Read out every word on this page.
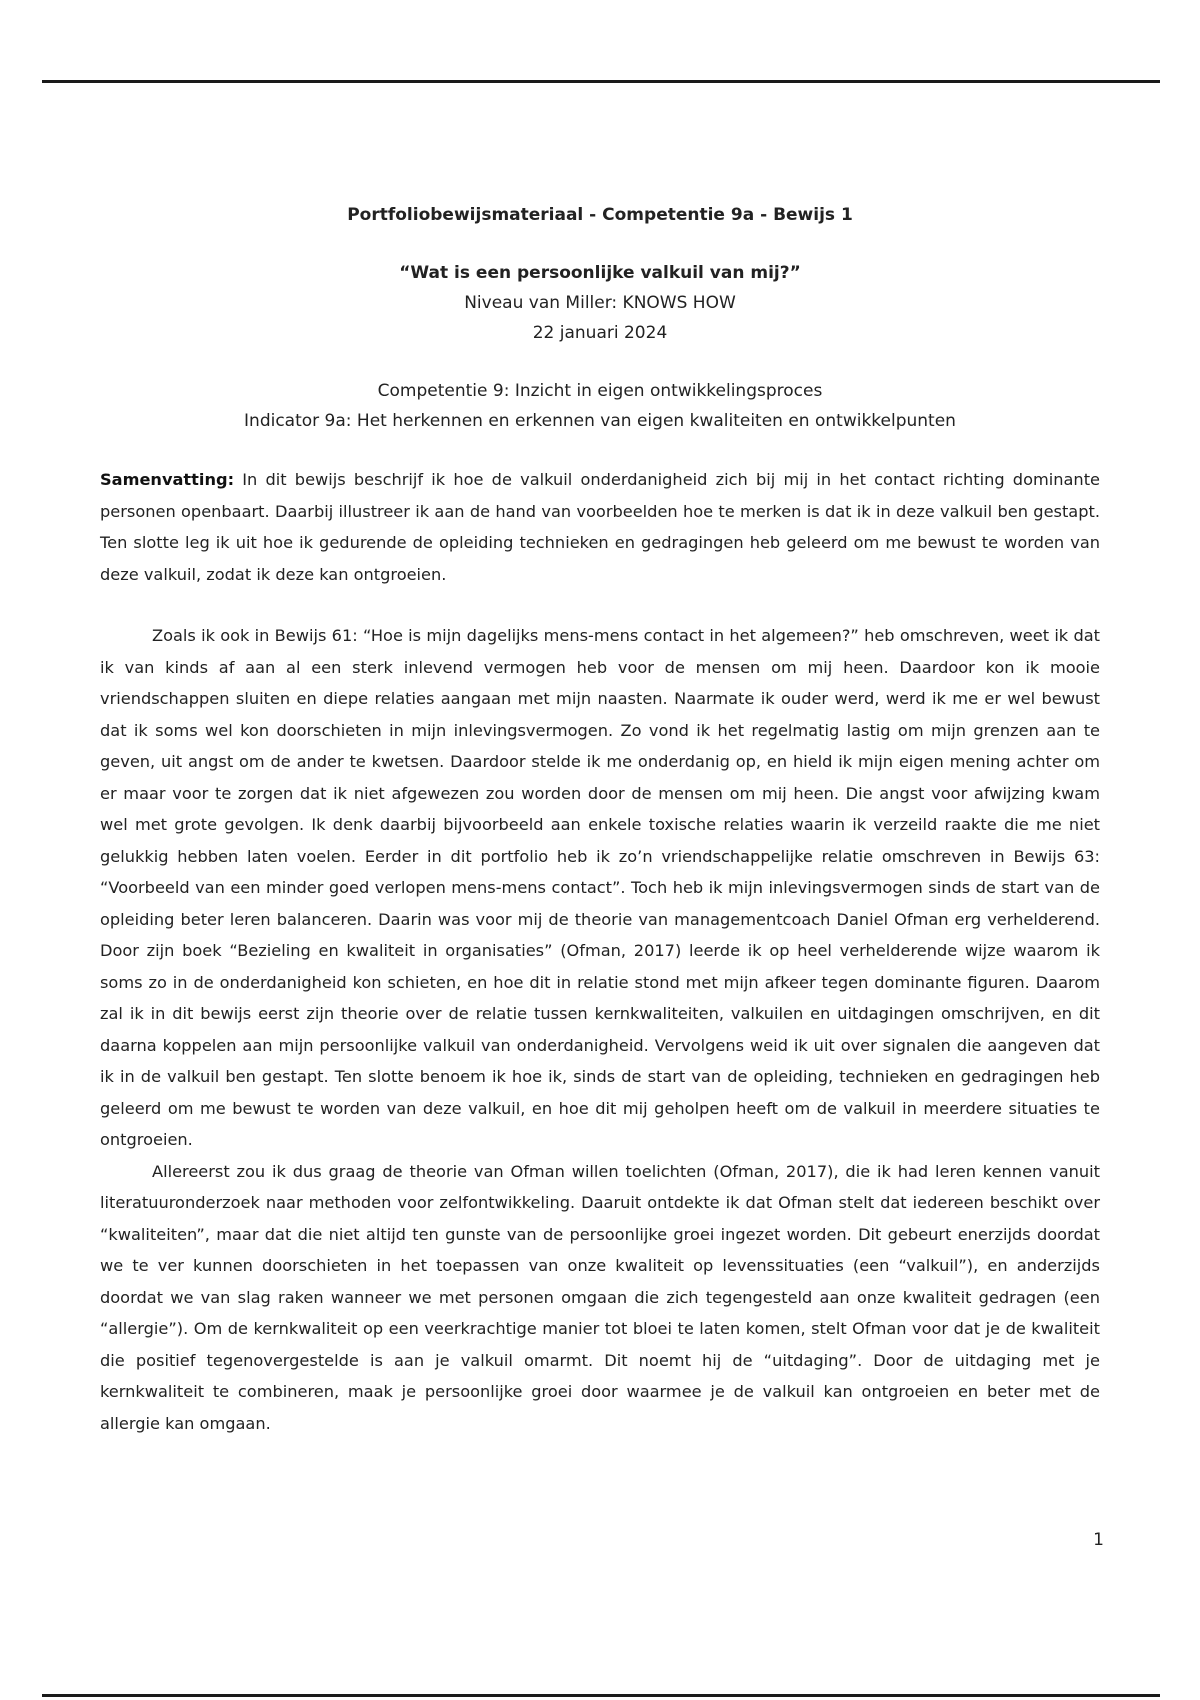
Portfoliobewijsmateriaal - Competentie 9a - Bewijs 1
“Wat is een persoonlijke valkuil van mij?”
Niveau van Miller: KNOWS HOW
22 januari 2024
Competentie 9: Inzicht in eigen ontwikkelingsproces
Indicator 9a: Het herkennen en erkennen van eigen kwaliteiten en ontwikkelpunten

Samenvatting: In dit bewijs beschrijf ik hoe de valkuil onderdanigheid zich bij mij in het contact richting dominante personen openbaart. Daarbij illustreer ik aan de hand van voorbeelden hoe te merken is dat ik in deze valkuil ben gestapt. Ten slotte leg ik uit hoe ik gedurende de opleiding technieken en gedragingen heb geleerd om me bewust te worden van deze valkuil, zodat ik deze kan ontgroeien.

Zoals ik ook in Bewijs 61: “Hoe is mijn dagelijks mens-mens contact in het algemeen?” heb omschreven, weet ik dat ik van kinds af aan al een sterk inlevend vermogen heb voor de mensen om mij heen. Daardoor kon ik mooie vriendschappen sluiten en diepe relaties aangaan met mijn naasten. Naarmate ik ouder werd, werd ik me er wel bewust dat ik soms wel kon doorschieten in mijn inlevingsvermogen. Zo vond ik het regelmatig lastig om mijn grenzen aan te geven, uit angst om de ander te kwetsen. Daardoor stelde ik me onderdanig op, en hield ik mijn eigen mening achter om er maar voor te zorgen dat ik niet afgewezen zou worden door de mensen om mij heen. Die angst voor afwijzing kwam wel met grote gevolgen. Ik denk daarbij bijvoorbeeld aan enkele toxische relaties waarin ik verzeild raakte die me niet gelukkig hebben laten voelen. Eerder in dit portfolio heb ik zo’n vriendschappelijke relatie omschreven in Bewijs 63: “Voorbeeld van een minder goed verlopen mens-mens contact”. Toch heb ik mijn inlevingsvermogen sinds de start van de opleiding beter leren balanceren. Daarin was voor mij de theorie van managementcoach Daniel Ofman erg verhelderend. Door zijn boek “Bezieling en kwaliteit in organisaties” (Ofman, 2017) leerde ik op heel verhelderende wijze waarom ik soms zo in de onderdanigheid kon schieten, en hoe dit in relatie stond met mijn afkeer tegen dominante figuren. Daarom zal ik in dit bewijs eerst zijn theorie over de relatie tussen kernkwaliteiten, valkuilen en uitdagingen omschrijven, en dit daarna koppelen aan mijn persoonlijke valkuil van onderdanigheid. Vervolgens weid ik uit over signalen die aangeven dat ik in de valkuil ben gestapt. Ten slotte benoem ik hoe ik, sinds de start van de opleiding, technieken en gedragingen heb geleerd om me bewust te worden van deze valkuil, en hoe dit mij geholpen heeft om de valkuil in meerdere situaties te ontgroeien.

Allereerst zou ik dus graag de theorie van Ofman willen toelichten (Ofman, 2017), die ik had leren kennen vanuit literatuuronderzoek naar methoden voor zelfontwikkeling. Daaruit ontdekte ik dat Ofman stelt dat iedereen beschikt over “kwaliteiten”, maar dat die niet altijd ten gunste van de persoonlijke groei ingezet worden. Dit gebeurt enerzijds doordat we te ver kunnen doorschieten in het toepassen van onze kwaliteit op levenssituaties (een “valkuil”), en anderzijds doordat we van slag raken wanneer we met personen omgaan die zich tegengesteld aan onze kwaliteit gedragen (een “allergie”). Om de kernkwaliteit op een veerkrachtige manier tot bloei te laten komen, stelt Ofman voor dat je de kwaliteit die positief tegenovergestelde is aan je valkuil omarmt. Dit noemt hij de “uitdaging”. Door de uitdaging met je kernkwaliteit te combineren, maak je persoonlijke groei door waarmee je de valkuil kan ontgroeien en beter met de allergie kan omgaan.

1
